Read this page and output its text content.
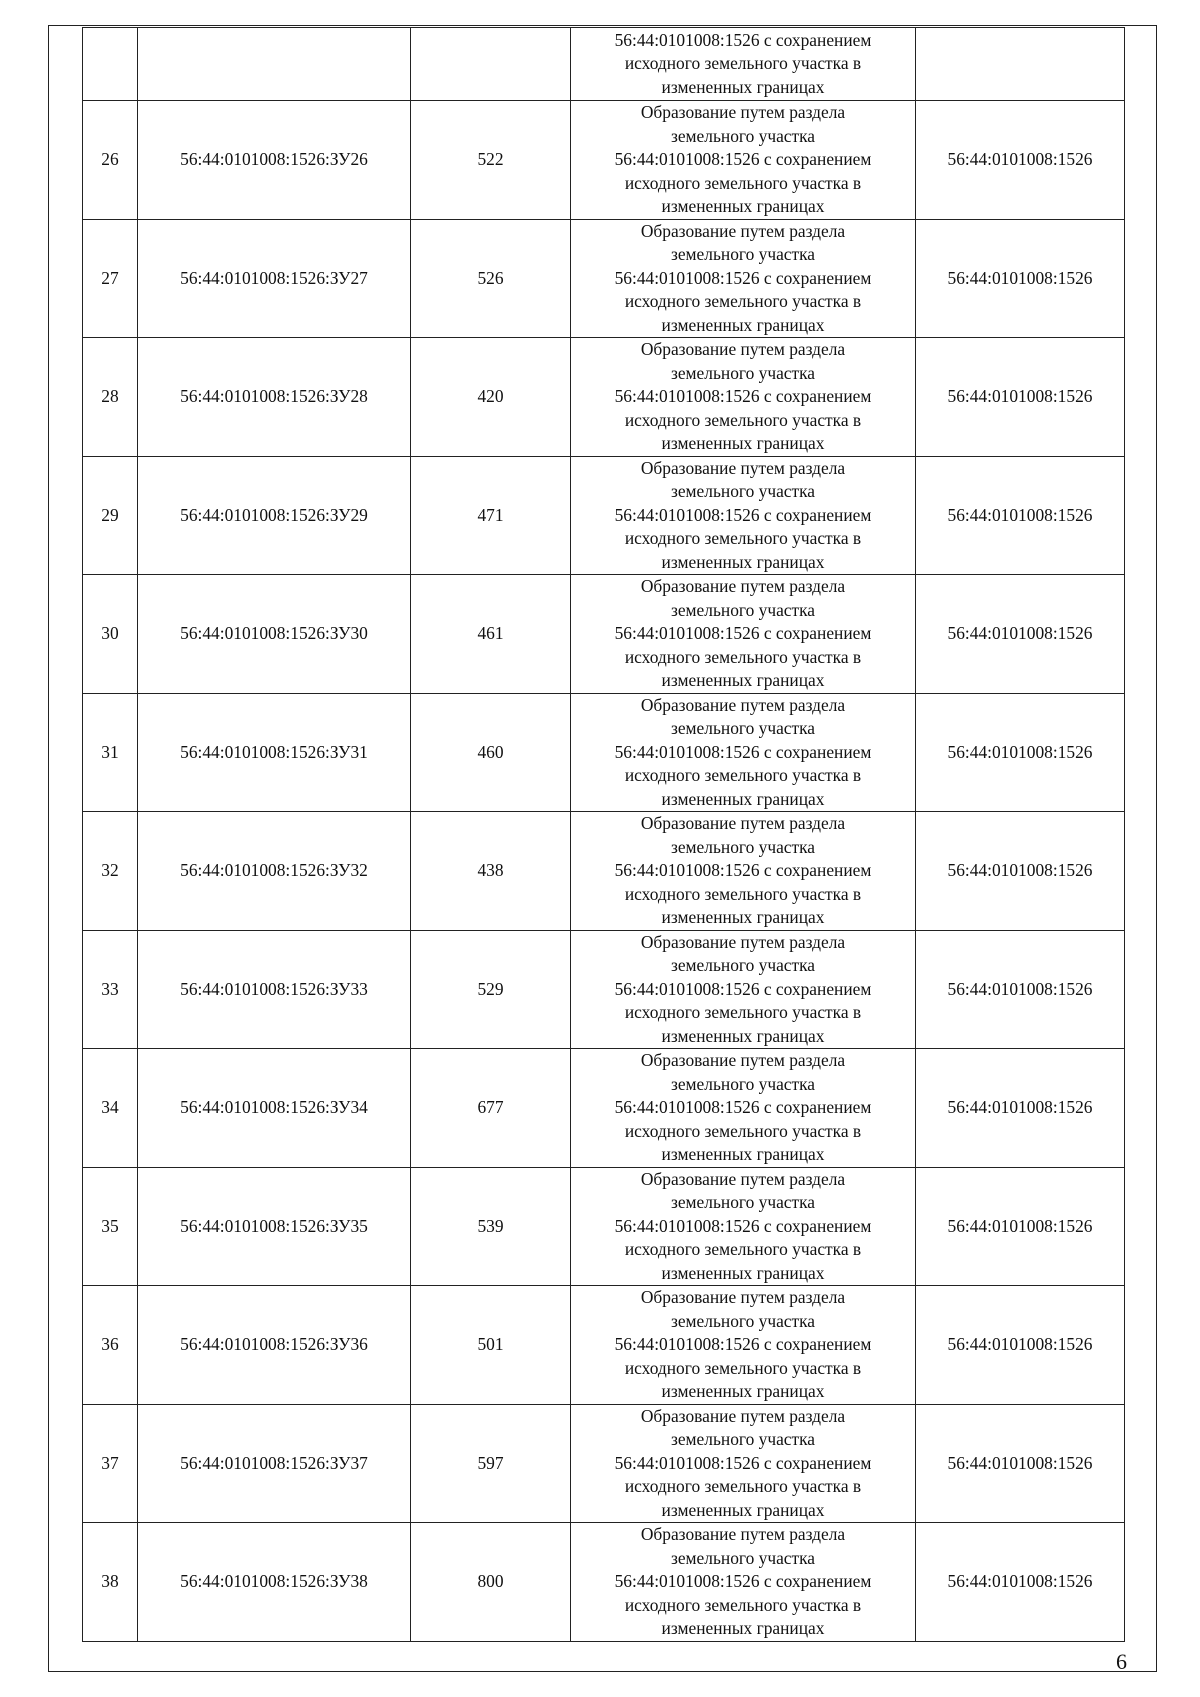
			56:44:0101008:1526 с сохранением
исходного земельного участка в
измененных границах	

26	56:44:0101008:1526:ЗУ26	522	Образование путем раздела
земельного участка
56:44:0101008:1526 с сохранением
исходного земельного участка в
измененных границах	56:44:0101008:1526
27	56:44:0101008:1526:ЗУ27	526	Образование путем раздела
земельного участка
56:44:0101008:1526 с сохранением
исходного земельного участка в
измененных границах	56:44:0101008:1526
28	56:44:0101008:1526:ЗУ28	420	Образование путем раздела
земельного участка
56:44:0101008:1526 с сохранением
исходного земельного участка в
измененных границах	56:44:0101008:1526
29	56:44:0101008:1526:ЗУ29	471	Образование путем раздела
земельного участка
56:44:0101008:1526 с сохранением
исходного земельного участка в
измененных границах	56:44:0101008:1526
30	56:44:0101008:1526:ЗУ30	461	Образование путем раздела
земельного участка
56:44:0101008:1526 с сохранением
исходного земельного участка в
измененных границах	56:44:0101008:1526
31	56:44:0101008:1526:ЗУ31	460	Образование путем раздела
земельного участка
56:44:0101008:1526 с сохранением
исходного земельного участка в
измененных границах	56:44:0101008:1526
32	56:44:0101008:1526:ЗУ32	438	Образование путем раздела
земельного участка
56:44:0101008:1526 с сохранением
исходного земельного участка в
измененных границах	56:44:0101008:1526
33	56:44:0101008:1526:ЗУ33	529	Образование путем раздела
земельного участка
56:44:0101008:1526 с сохранением
исходного земельного участка в
измененных границах	56:44:0101008:1526
34	56:44:0101008:1526:ЗУ34	677	Образование путем раздела
земельного участка
56:44:0101008:1526 с сохранением
исходного земельного участка в
измененных границах	56:44:0101008:1526
35	56:44:0101008:1526:ЗУ35	539	Образование путем раздела
земельного участка
56:44:0101008:1526 с сохранением
исходного земельного участка в
измененных границах	56:44:0101008:1526
36	56:44:0101008:1526:ЗУ36	501	Образование путем раздела
земельного участка
56:44:0101008:1526 с сохранением
исходного земельного участка в
измененных границах	56:44:0101008:1526
37	56:44:0101008:1526:ЗУ37	597	Образование путем раздела
земельного участка
56:44:0101008:1526 с сохранением
исходного земельного участка в
измененных границах	56:44:0101008:1526
38	56:44:0101008:1526:ЗУ38	800	Образование путем раздела
земельного участка
56:44:0101008:1526 с сохранением
исходного земельного участка в
измененных границах	56:44:0101008:1526
6
